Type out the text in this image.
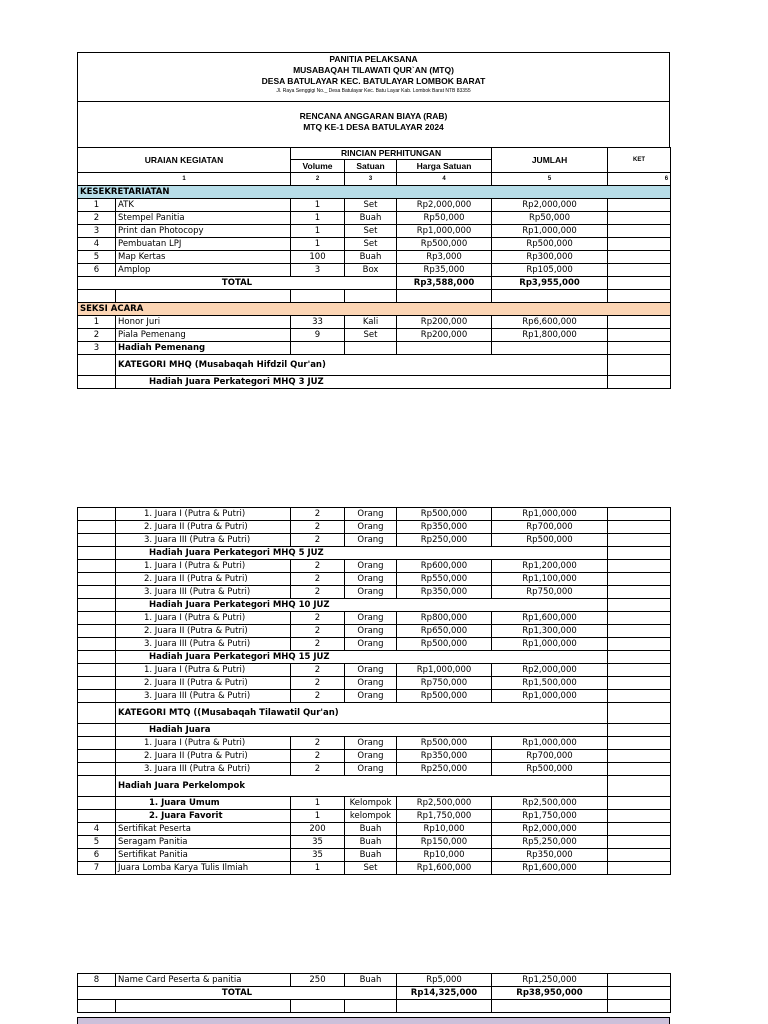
PANITIA PELAKSANA
MUSABAQAH TILAWATI QUR`AN (MTQ)
DESA BATULAYAR KEC. BATULAYAR LOMBOK BARAT
Jl. Raya Senggigi No._ Desa Batulayar Kec. Batu Layar Kab. Lombok Barat NTB 83355
RENCANA ANGGARAN BIAYA (RAB)
MTQ KE-1 DESA BATULAYAR 2024
URAIAN KEGIATAN		RINCIAN PERHITUNGAN			JUMLAH	KET
		Volume	Satuan	Harga Satuan		
1		2	3	4	5	6
KESEKRETARIATAN						
1	ATK	1	Set	Rp2,000,000	Rp2,000,000	
2	Stempel Panitia	1	Buah	Rp50,000	Rp50,000	
3	Print dan Photocopy	1	Set	Rp1,000,000	Rp1,000,000	
4	Pembuatan LPJ	1	Set	Rp500,000	Rp500,000	
5	Map Kertas	100	Buah	Rp3,000	Rp300,000	
6	Amplop	3	Box	Rp35,000	Rp105,000	
TOTAL				Rp3,588,000	Rp3,955,000	

SEKSI ACARA						
1	Honor Juri	33	Kali	Rp200,000	Rp6,600,000	
2	Piala Pemenang	9	Set	Rp200,000	Rp1,800,000	
3	Hadiah Pemenang					
	KATEGORI MHQ (Musabaqah Hifdzil Qur'an)					
	Hadiah Juara Perkategori MHQ 3 JUZ					
	1. Juara I (Putra & Putri)	2	Orang	Rp500,000	Rp1,000,000	
	2. Juara II (Putra & Putri)	2	Orang	Rp350,000	Rp700,000	
	3. Juara III (Putra & Putri)	2	Orang	Rp250,000	Rp500,000	
	Hadiah Juara Perkategori MHQ 5 JUZ					
	1. Juara I (Putra & Putri)	2	Orang	Rp600,000	Rp1,200,000	
	2. Juara II (Putra & Putri)	2	Orang	Rp550,000	Rp1,100,000	
	3. Juara III (Putra & Putri)	2	Orang	Rp350,000	Rp750,000	
	Hadiah Juara Perkategori MHQ 10 JUZ					
	1. Juara I (Putra & Putri)	2	Orang	Rp800,000	Rp1,600,000	
	2. Juara II (Putra & Putri)	2	Orang	Rp650,000	Rp1,300,000	
	3. Juara III (Putra & Putri)	2	Orang	Rp500,000	Rp1,000,000	
	Hadiah Juara Perkategori MHQ 15 JUZ					
	1. Juara I (Putra & Putri)	2	Orang	Rp1,000,000	Rp2,000,000	
	2. Juara II (Putra & Putri)	2	Orang	Rp750,000	Rp1,500,000	
	3. Juara III (Putra & Putri)	2	Orang	Rp500,000	Rp1,000,000	
	KATEGORI MTQ ((Musabaqah Tilawatil Qur'an)					
	Hadiah Juara					
	1. Juara I (Putra & Putri)	2	Orang	Rp500,000	Rp1,000,000	
	2. Juara II (Putra & Putri)	2	Orang	Rp350,000	Rp700,000	
	3. Juara III (Putra & Putri)	2	Orang	Rp250,000	Rp500,000	
	Hadiah Juara Perkelompok					
	1. Juara Umum	1	Kelompok	Rp2,500,000	Rp2,500,000	
	2. Juara Favorit	1	kelompok	Rp1,750,000	Rp1,750,000	
4	Sertifikat Peserta	200	Buah	Rp10,000	Rp2,000,000	
5	Seragam Panitia	35	Buah	Rp150,000	Rp5,250,000	
6	Sertifikat Panitia	35	Buah	Rp10,000	Rp350,000	
7	Juara Lomba Karya Tulis Ilmiah	1	Set	Rp1,600,000	Rp1,600,000	
8	Name Card Peserta & panitia	250	Buah	Rp5,000	Rp1,250,000	
TOTAL				Rp14,325,000	Rp38,950,000	
